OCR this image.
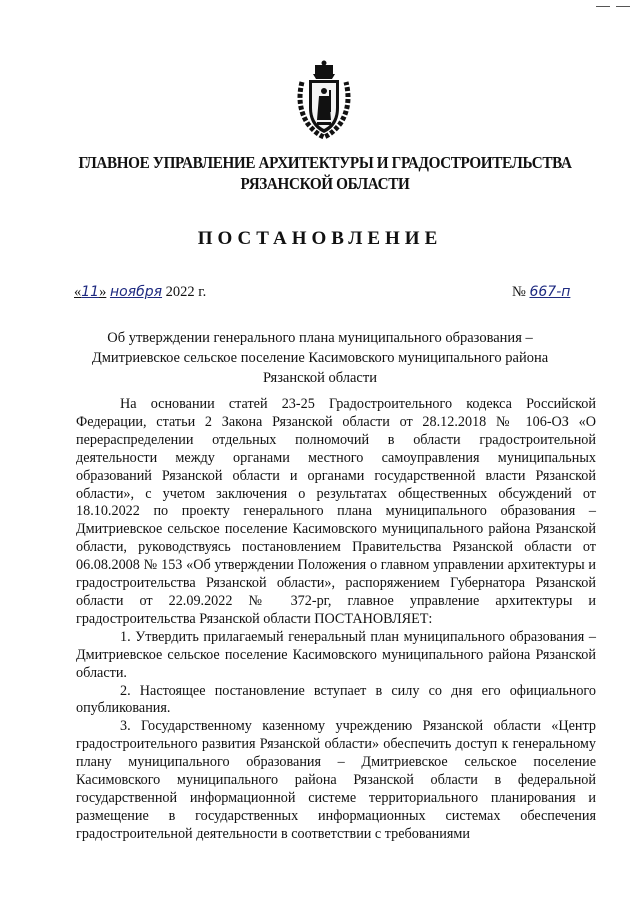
ГЛАВНОЕ УПРАВЛЕНИЕ АРХИТЕКТУРЫ И ГРАДОСТРОИТЕЛЬСТВА
РЯЗАНСКОЙ ОБЛАСТИ
ПОСТАНОВЛЕНИЕ
«11» ноября 2022 г.	№ 667-п
Об утверждении генерального плана муниципального образования –
Дмитриевское сельское поселение Касимовского муниципального района
Рязанской области

На основании статей 23-25 Градостроительного кодекса Российской Федерации, статьи 2 Закона Рязанской области от 28.12.2018 № 106-ОЗ «О перераспределении отдельных полномочий в области градостроительной деятельности между органами местного самоуправления муниципальных образований Рязанской области и органами государственной власти Рязанской области», с учетом заключения о результатах общественных обсуждений от 18.10.2022 по проекту генерального плана муниципального образования – Дмитриевское сельское поселение Касимовского муниципального района Рязанской области, руководствуясь постановлением Правительства Рязанской области от 06.08.2008 № 153 «Об утверждении Положения о главном управлении архитектуры и градостроительства Рязанской области», распоряжением Губернатора Рязанской области от 22.09.2022 № 372-рг, главное управление архитектуры и градостроительства Рязанской области ПОСТАНОВЛЯЕТ:

1. Утвердить прилагаемый генеральный план муниципального образования – Дмитриевское сельское поселение Касимовского муниципального района Рязанской области.

2. Настоящее постановление вступает в силу со дня его официального опубликования.

3. Государственному казенному учреждению Рязанской области «Центр градостроительного развития Рязанской области» обеспечить доступ к генеральному плану муниципального образования – Дмитриевское сельское поселение Касимовского муниципального района Рязанской области в федеральной государственной информационной системе территориального планирования и размещение в государственных информационных системах обеспечения градостроительной деятельности в соответствии с требованиями
